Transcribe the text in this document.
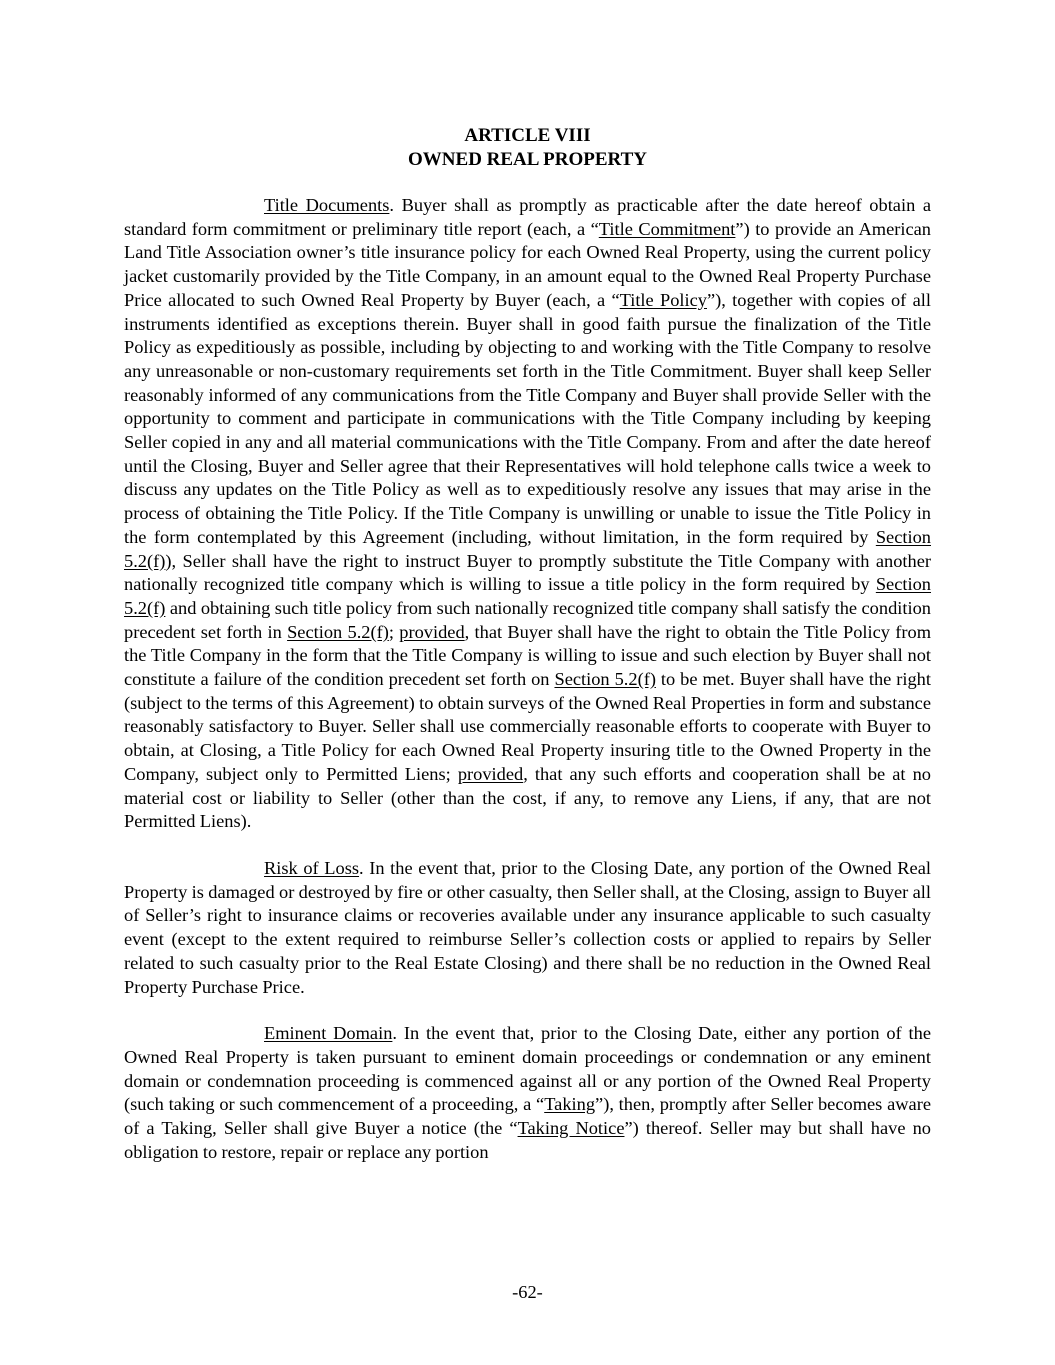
ARTICLE VIII

OWNED REAL PROPERTY

Title Documents. Buyer shall as promptly as practicable after the date hereof obtain a standard form commitment or preliminary title report (each, a “Title Commitment”) to provide an American Land Title Association owner’s title insurance policy for each Owned Real Property, using the current policy jacket customarily provided by the Title Company, in an amount equal to the Owned Real Property Purchase Price allocated to such Owned Real Property by Buyer (each, a “Title Policy”), together with copies of all instruments identified as exceptions therein. Buyer shall in good faith pursue the finalization of the Title Policy as expeditiously as possible, including by objecting to and working with the Title Company to resolve any unreasonable or non-customary requirements set forth in the Title Commitment. Buyer shall keep Seller reasonably informed of any communications from the Title Company and Buyer shall provide Seller with the opportunity to comment and participate in communications with the Title Company including by keeping Seller copied in any and all material communications with the Title Company. From and after the date hereof until the Closing, Buyer and Seller agree that their Representatives will hold telephone calls twice a week to discuss any updates on the Title Policy as well as to expeditiously resolve any issues that may arise in the process of obtaining the Title Policy. If the Title Company is unwilling or unable to issue the Title Policy in the form contemplated by this Agreement (including, without limitation, in the form required by Section 5.2(f)), Seller shall have the right to instruct Buyer to promptly substitute the Title Company with another nationally recognized title company which is willing to issue a title policy in the form required by Section 5.2(f) and obtaining such title policy from such nationally recognized title company shall satisfy the condition precedent set forth in Section 5.2(f); provided, that Buyer shall have the right to obtain the Title Policy from the Title Company in the form that the Title Company is willing to issue and such election by Buyer shall not constitute a failure of the condition precedent set forth on Section 5.2(f) to be met. Buyer shall have the right (subject to the terms of this Agreement) to obtain surveys of the Owned Real Properties in form and substance reasonably satisfactory to Buyer. Seller shall use commercially reasonable efforts to cooperate with Buyer to obtain, at Closing, a Title Policy for each Owned Real Property insuring title to the Owned Property in the Company, subject only to Permitted Liens; provided, that any such efforts and cooperation shall be at no material cost or liability to Seller (other than the cost, if any, to remove any Liens, if any, that are not Permitted Liens).

Risk of Loss. In the event that, prior to the Closing Date, any portion of the Owned Real Property is damaged or destroyed by fire or other casualty, then Seller shall, at the Closing, assign to Buyer all of Seller’s right to insurance claims or recoveries available under any insurance applicable to such casualty event (except to the extent required to reimburse Seller’s collection costs or applied to repairs by Seller related to such casualty prior to the Real Estate Closing) and there shall be no reduction in the Owned Real Property Purchase Price.

Eminent Domain. In the event that, prior to the Closing Date, either any portion of the Owned Real Property is taken pursuant to eminent domain proceedings or condemnation or any eminent domain or condemnation proceeding is commenced against all or any portion of the Owned Real Property (such taking or such commencement of a proceeding, a “Taking”), then, promptly after Seller becomes aware of a Taking, Seller shall give Buyer a notice (the “Taking Notice”) thereof. Seller may but shall have no obligation to restore, repair or replace any portion

-62-
